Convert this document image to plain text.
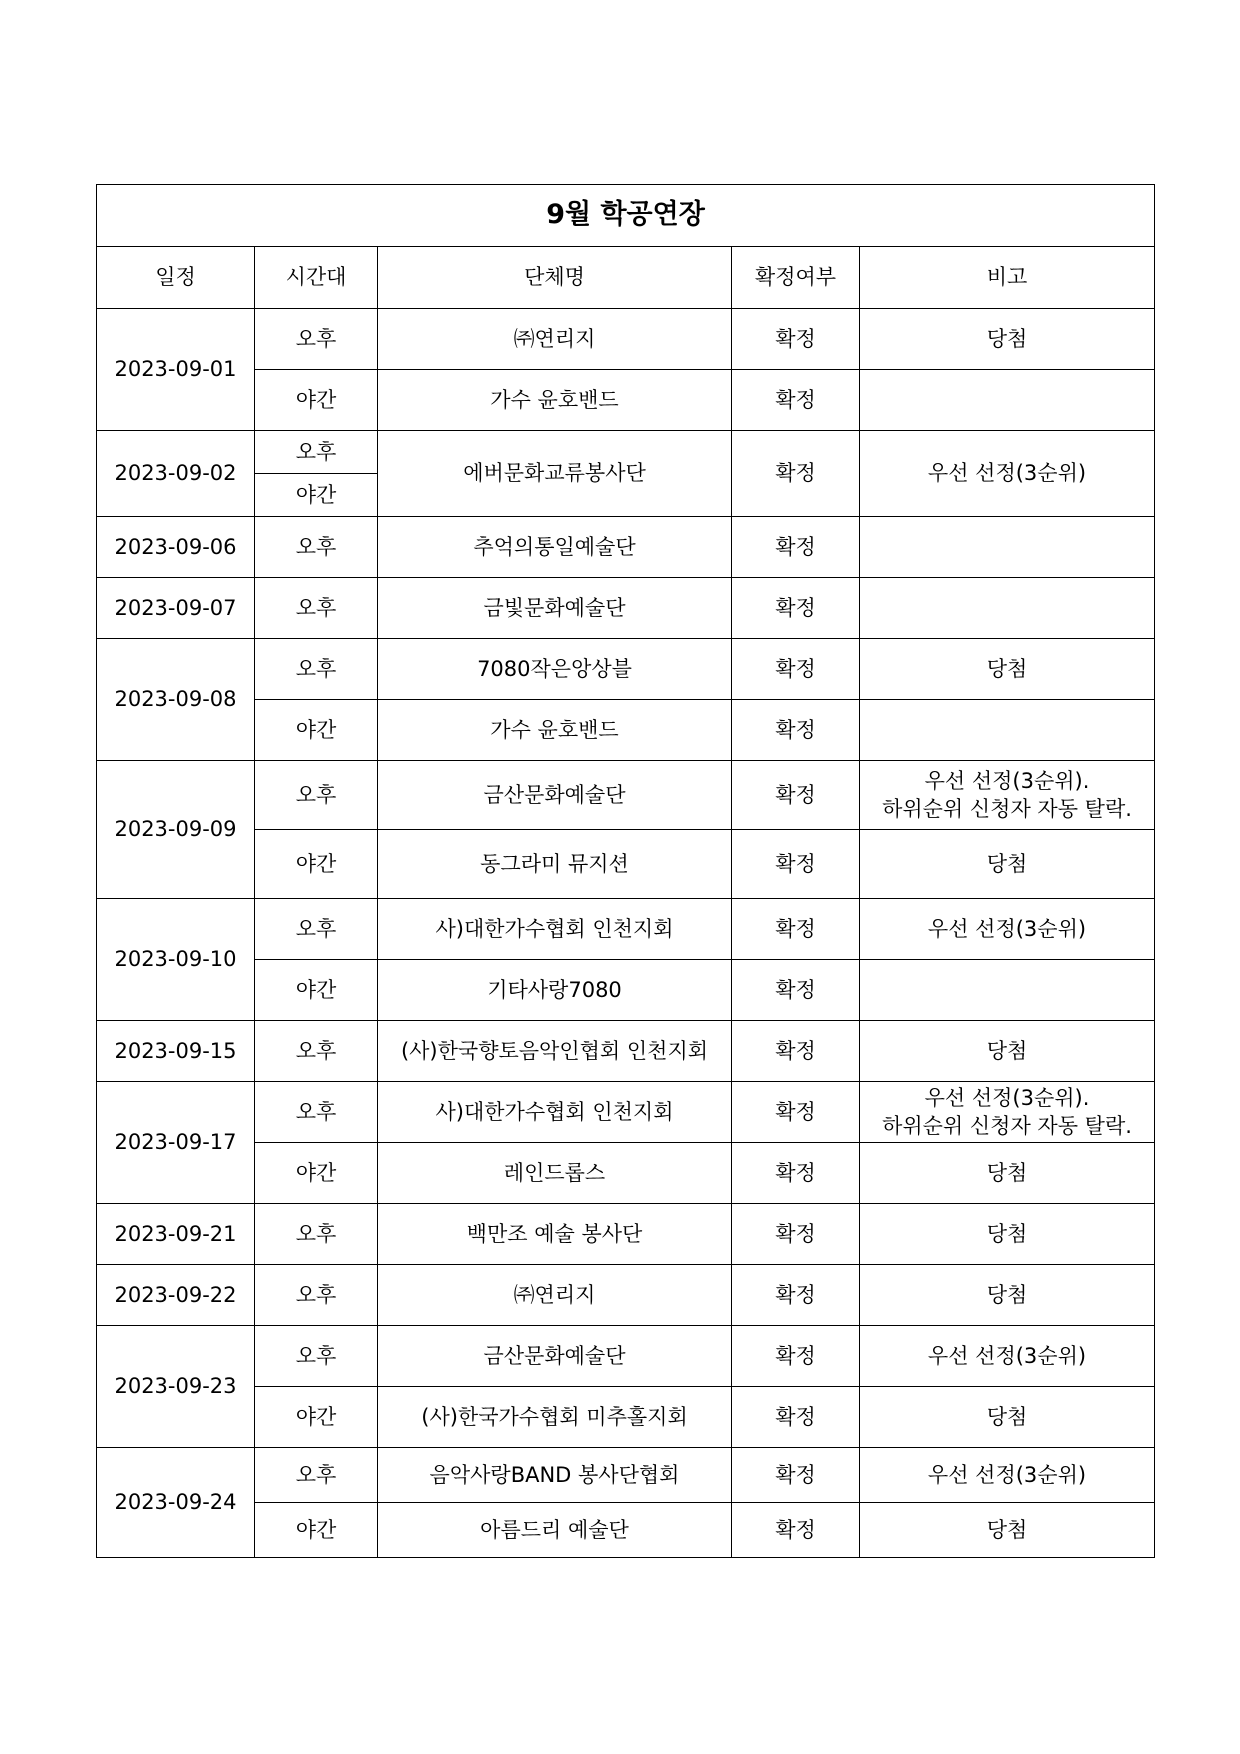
9월 학공연장				
일정	시간대	단체명	확정여부	비고
2023-09-01	오후	㈜연리지	확정	당첨
	야간	가수 윤호밴드	확정	
2023-09-02	오후	에버문화교류봉사단	확정	우선 선정(3순위)
	야간			
2023-09-06	오후	추억의통일예술단	확정	
2023-09-07	오후	금빛문화예술단	확정	
2023-09-08	오후	7080작은앙상블	확정	당첨
	야간	가수 윤호밴드	확정	
2023-09-09	오후	금산문화예술단	확정	우선 선정(3순위).
하위순위 신청자 자동 탈락.

	야간	동그라미 뮤지션	확정	당첨
2023-09-10	오후	사)대한가수협회 인천지회	확정	우선 선정(3순위)
	야간	기타사랑7080	확정	
2023-09-15	오후	(사)한국향토음악인협회 인천지회	확정	당첨
2023-09-17	오후	사)대한가수협회 인천지회	확정	우선 선정(3순위).
하위순위 신청자 자동 탈락.

	야간	레인드롭스	확정	당첨
2023-09-21	오후	백만조 예술 봉사단	확정	당첨
2023-09-22	오후	㈜연리지	확정	당첨
2023-09-23	오후	금산문화예술단	확정	우선 선정(3순위)
	야간	(사)한국가수협회 미추홀지회	확정	당첨
2023-09-24	오후	음악사랑BAND 봉사단협회	확정	우선 선정(3순위)
	야간	아름드리 예술단	확정	당첨
